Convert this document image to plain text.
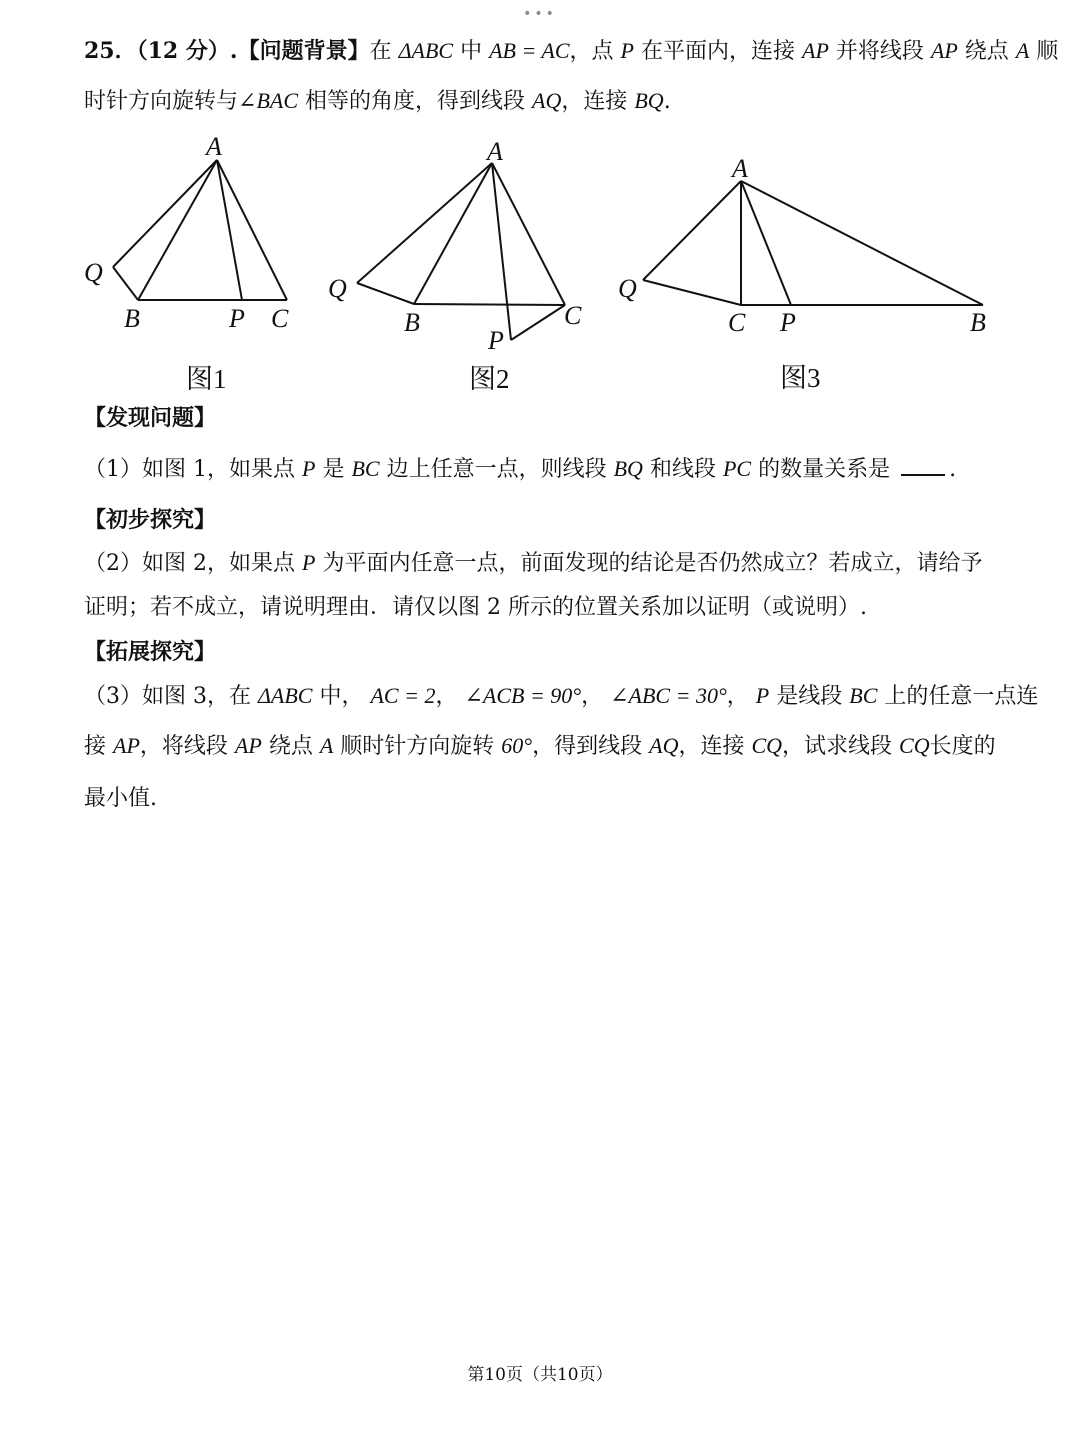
•••
25．（12 分）.【问题背景】在 ΔABC 中 AB = AC，点 P 在平面内，连接 AP 并将线段 AP 绕点 A 顺
时针方向旋转与∠BAC 相等的角度，得到线段 AQ，连接 BQ.
A
Q
B	P C
A
Q
B
P
C
A
Q
C P	B
图1	图2	图3
【发现问题】
（1）如图 1，如果点 P 是 BC 边上任意一点，则线段 BQ 和线段 PC 的数量关系是	.
【初步探究】
（2）如图 2，如果点 P 为平面内任意一点，前面发现的结论是否仍然成立？若成立，请给予
证明；若不成立，请说明理由．请仅以图 2 所示的位置关系加以证明（或说明）.
【拓展探究】
（3）如图 3，在 ΔABC 中， AC = 2， ∠ACB = 90°， ∠ABC = 30°， P 是线段 BC 上的任意一点连
接 AP，将线段 AP 绕点 A 顺时针方向旋转 60°，得到线段 AQ，连接 CQ，试求线段 CQ长度的
最小值.
第10页（共10页）
